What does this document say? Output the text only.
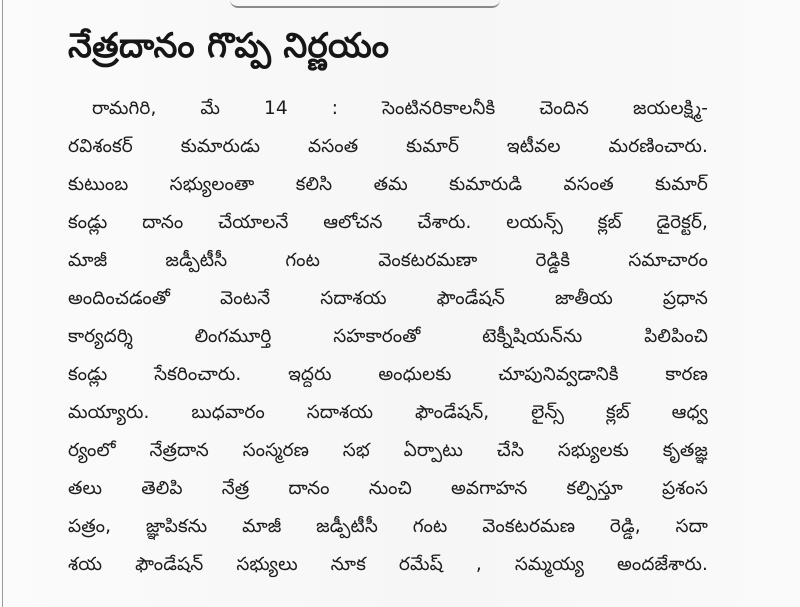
నేత్రదానం గొప్ప నిర్ణయం
రామగిరి, మే 14 : సెంటినరికాలనీకి చెందిన జయలక్ష్మి-
రవిశంకర్ కుమారుడు వసంత కుమార్ ఇటీవల మరణించారు.
కుటుంబ సభ్యులంతా కలిసి తమ కుమారుడి వసంత కుమార్
కండ్లు దానం చేయాలనే ఆలోచన చేశారు. లయన్స్ క్లబ్ డైరెక్టర్,
మాజీ జడ్పీటీసీ గంట వెంకటరమణా రెడ్డికి సమాచారం
అందించడంతో వెంటనే సదాశయ ఫౌండేషన్ జాతీయ ప్రధాన
కార్యదర్శి లింగమూర్తి సహకారంతో టెక్నీషియన్‌ను పిలిపించి
కండ్లు సేకరించారు. ఇద్దరు అంధులకు చూపునివ్వడానికి కారణ
మయ్యారు. బుధవారం సదాశయ ఫౌండేషన్, లైన్స్ క్లబ్ ఆధ్వ
ర్యంలో నేత్రదాన సంస్మరణ సభ ఏర్పాటు చేసి సభ్యులకు కృతజ్ఞ
తలు తెలిపి నేత్ర దానం నుంచి అవగాహన కల్పిస్తూ ప్రశంస
పత్రం, జ్ఞాపికను మాజీ జడ్పీటీసీ గంట వెంకటరమణ రెడ్డి, సదా
శయ ఫౌండేషన్ సభ్యులు నూక రమేష్ , సమ్మయ్య అందజేశారు.
